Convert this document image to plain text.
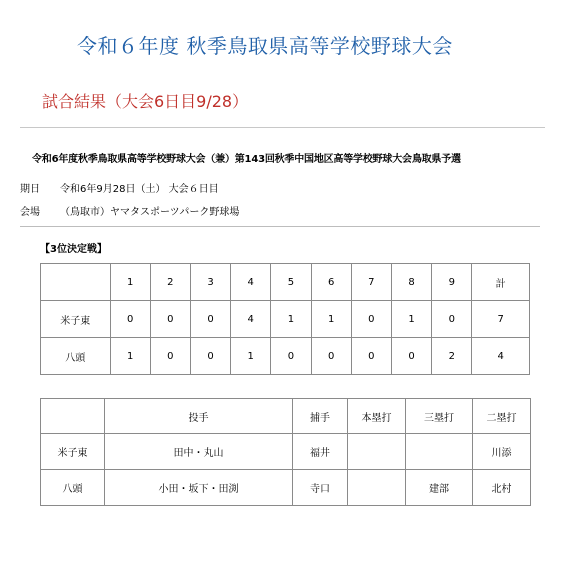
令和６年度 秋季鳥取県高等学校野球大会
試合結果（大会6日目9/28）
令和6年度秋季鳥取県高等学校野球大会（兼）第143回秋季中国地区高等学校野球大会鳥取県予選
期日 令和6年9月28日（土） 大会６日目
会場 （鳥取市）ヤマタスポーツパーク野球場
【3位決定戦】
	1	2	3	4	5	6	7	8	9	計
米子東	0	0	0	4	1	1	0	1	0	7
八頭	1	0	0	1	0	0	0	0	2	4
	投手	捕手	本塁打	三塁打	二塁打
米子東	田中・丸山	福井			川添
八頭	小田・坂下・田渕	寺口		建部	北村
